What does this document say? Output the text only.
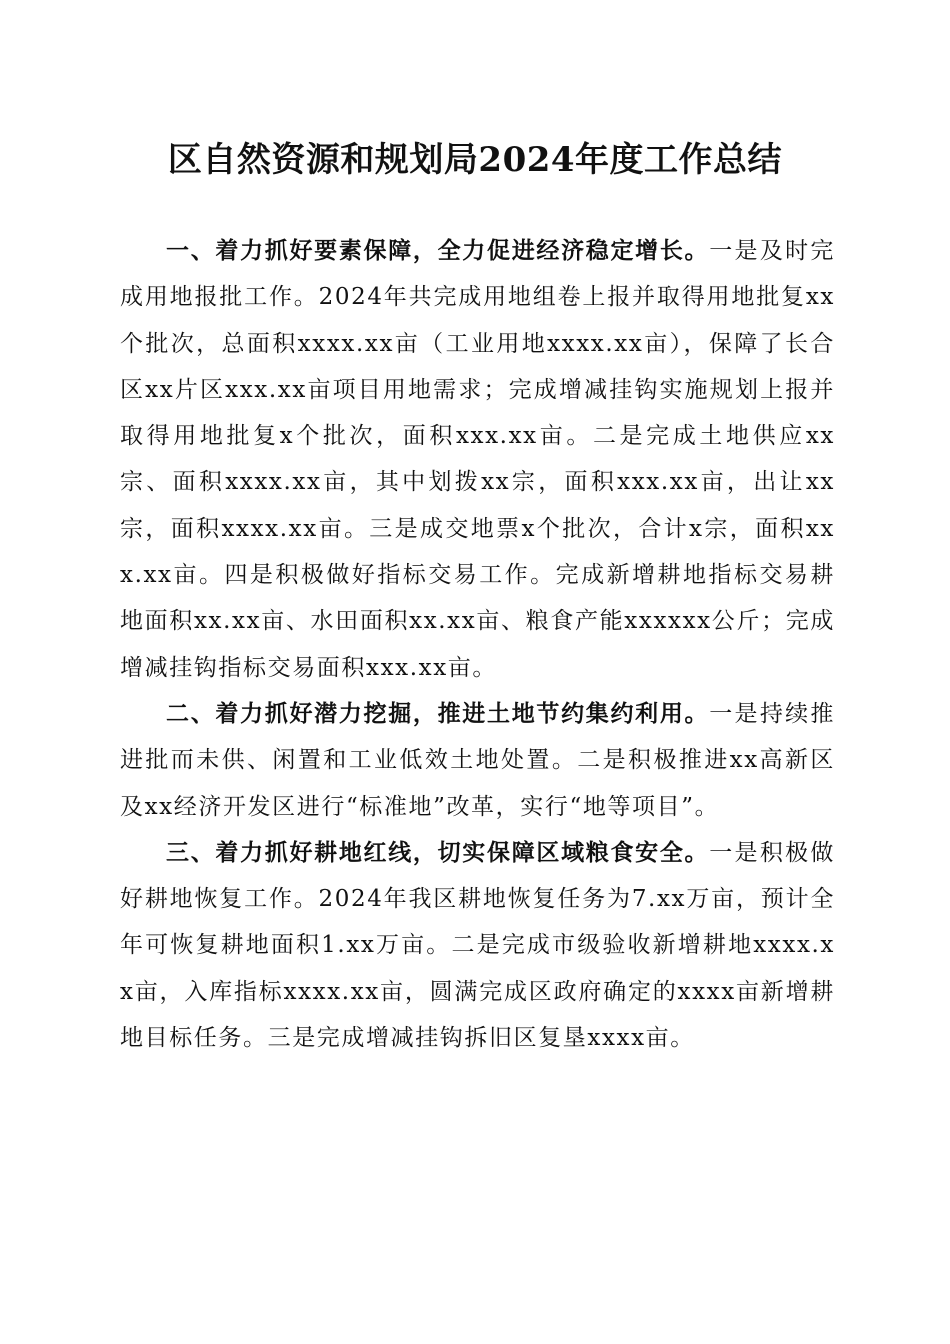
区自然资源和规划局2024年度工作总结

一、着力抓好要素保障，全力促进经济稳定增长。一是及时完成用地报批工作。2024年共完成用地组卷上报并取得用地批复xx个批次，总面积xxxx.xx亩（工业用地xxxx.xx亩），保障了长合区xx片区xxx.xx亩项目用地需求；完成增减挂钩实施规划上报并取得用地批复x个批次，面积xxx.xx亩。二是完成土地供应xx宗、面积xxxx.xx亩，其中划拨xx宗，面积xxx.xx亩，出让xx宗，面积xxxx.xx亩。三是成交地票x个批次，合计x宗，面积xxx.xx亩。四是积极做好指标交易工作。完成新增耕地指标交易耕地面积xx.xx亩、水田面积xx.xx亩、粮食产能xxxxxx公斤；完成增减挂钩指标交易面积xxx.xx亩。

二、着力抓好潜力挖掘，推进土地节约集约利用。一是持续推进批而未供、闲置和工业低效土地处置。二是积极推进xx高新区及xx经济开发区进行“标准地”改革，实行“地等项目”。

三、着力抓好耕地红线，切实保障区域粮食安全。一是积极做好耕地恢复工作。2024年我区耕地恢复任务为7.xx万亩，预计全年可恢复耕地面积1.xx万亩。二是完成市级验收新增耕地xxxx.xx亩，入库指标xxxx.xx亩，圆满完成区政府确定的xxxx亩新增耕地目标任务。三是完成增减挂钩拆旧区复垦xxxx亩。
